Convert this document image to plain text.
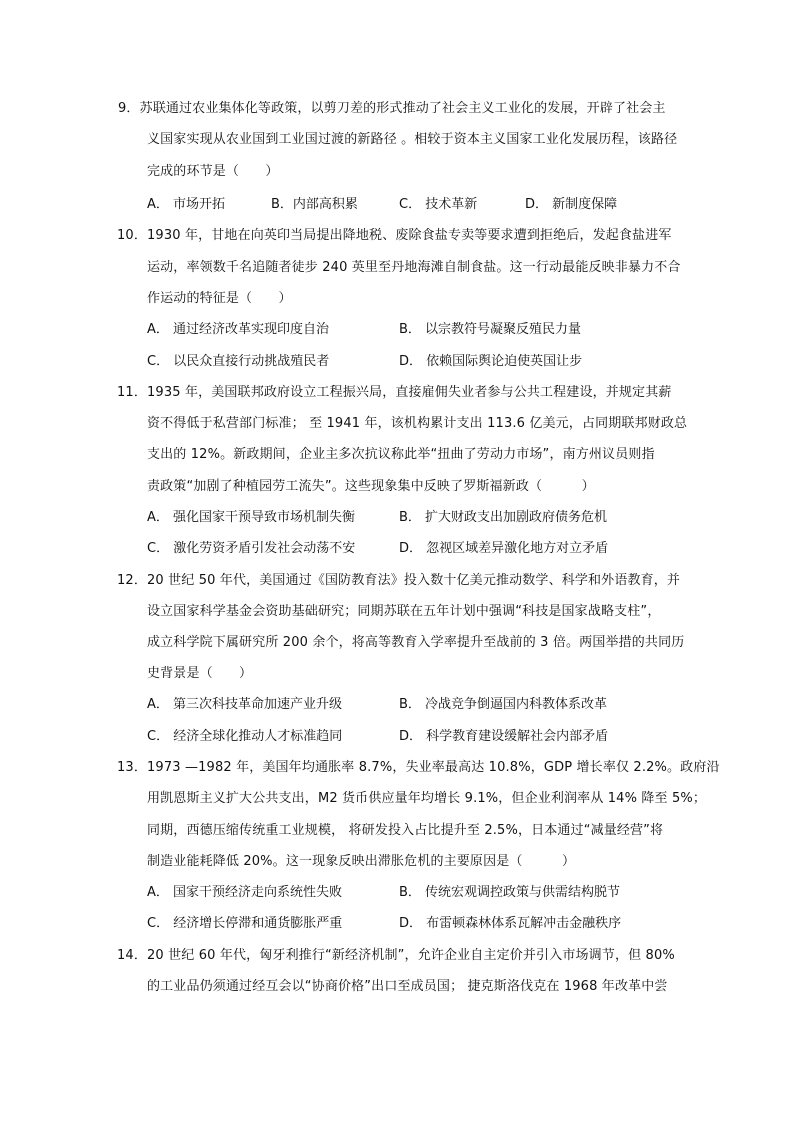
9．苏联通过农业集体化等政策，以剪刀差的形式推动了社会主义工业化的发展，开辟了社会主
义国家实现从农业国到工业国过渡的新路径 。相较于资本主义国家工业化发展历程，该路径
完成的环节是（　　）
A． 市场开拓	B．内部高积累	C． 技术革新	D． 新制度保障
10．1930 年，甘地在向英印当局提出降地税、废除食盐专卖等要求遭到拒绝后，发起食盐进军
运动，率领数千名追随者徒步 240 英里至丹地海滩自制食盐。这一行动最能反映非暴力不合
作运动的特征是（　　）
A． 通过经济改革实现印度自治	B． 以宗教符号凝聚反殖民力量
C． 以民众直接行动挑战殖民者	D． 依赖国际舆论迫使英国让步
11．1935 年，美国联邦政府设立工程振兴局，直接雇佣失业者参与公共工程建设，并规定其薪
资不得低于私营部门标准； 至 1941 年，该机构累计支出 113.6 亿美元，占同期联邦财政总
支出的 12%。新政期间，企业主多次抗议称此举“扭曲了劳动力市场”，南方州议员则指
责政策“加剧了种植园劳工流失”。这些现象集中反映了罗斯福新政（　　　）
A． 强化国家干预导致市场机制失衡	B． 扩大财政支出加剧政府债务危机
C． 激化劳资矛盾引发社会动荡不安	D． 忽视区域差异激化地方对立矛盾
12．20 世纪 50 年代，美国通过《国防教育法》投入数十亿美元推动数学、科学和外语教育，并
设立国家科学基金会资助基础研究；同期苏联在五年计划中强调“科技是国家战略支柱”，
成立科学院下属研究所 200 余个，将高等教育入学率提升至战前的 3 倍。两国举措的共同历
史背景是（　　）
A． 第三次科技革命加速产业升级	B． 冷战竞争倒逼国内科教体系改革
C． 经济全球化推动人才标准趋同	D． 科学教育建设缓解社会内部矛盾
13．1973 —1982 年，美国年均通胀率 8.7%，失业率最高达 10.8%，GDP 增长率仅 2.2%。政府沿
用凯恩斯主义扩大公共支出，M2 货币供应量年均增长 9.1%，但企业利润率从 14% 降至 5%；
同期，西德压缩传统重工业规模， 将研发投入占比提升至 2.5%，日本通过“减量经营”将
制造业能耗降低 20%。这一现象反映出滞胀危机的主要原因是（　　　）
A． 国家干预经济走向系统性失败	B． 传统宏观调控政策与供需结构脱节
C． 经济增长停滞和通货膨胀严重	D． 布雷顿森林体系瓦解冲击金融秩序
14．20 世纪 60 年代，匈牙利推行“新经济机制”，允许企业自主定价并引入市场调节，但 80%
的工业品仍须通过经互会以“协商价格”出口至成员国； 捷克斯洛伐克在 1968 年改革中尝
